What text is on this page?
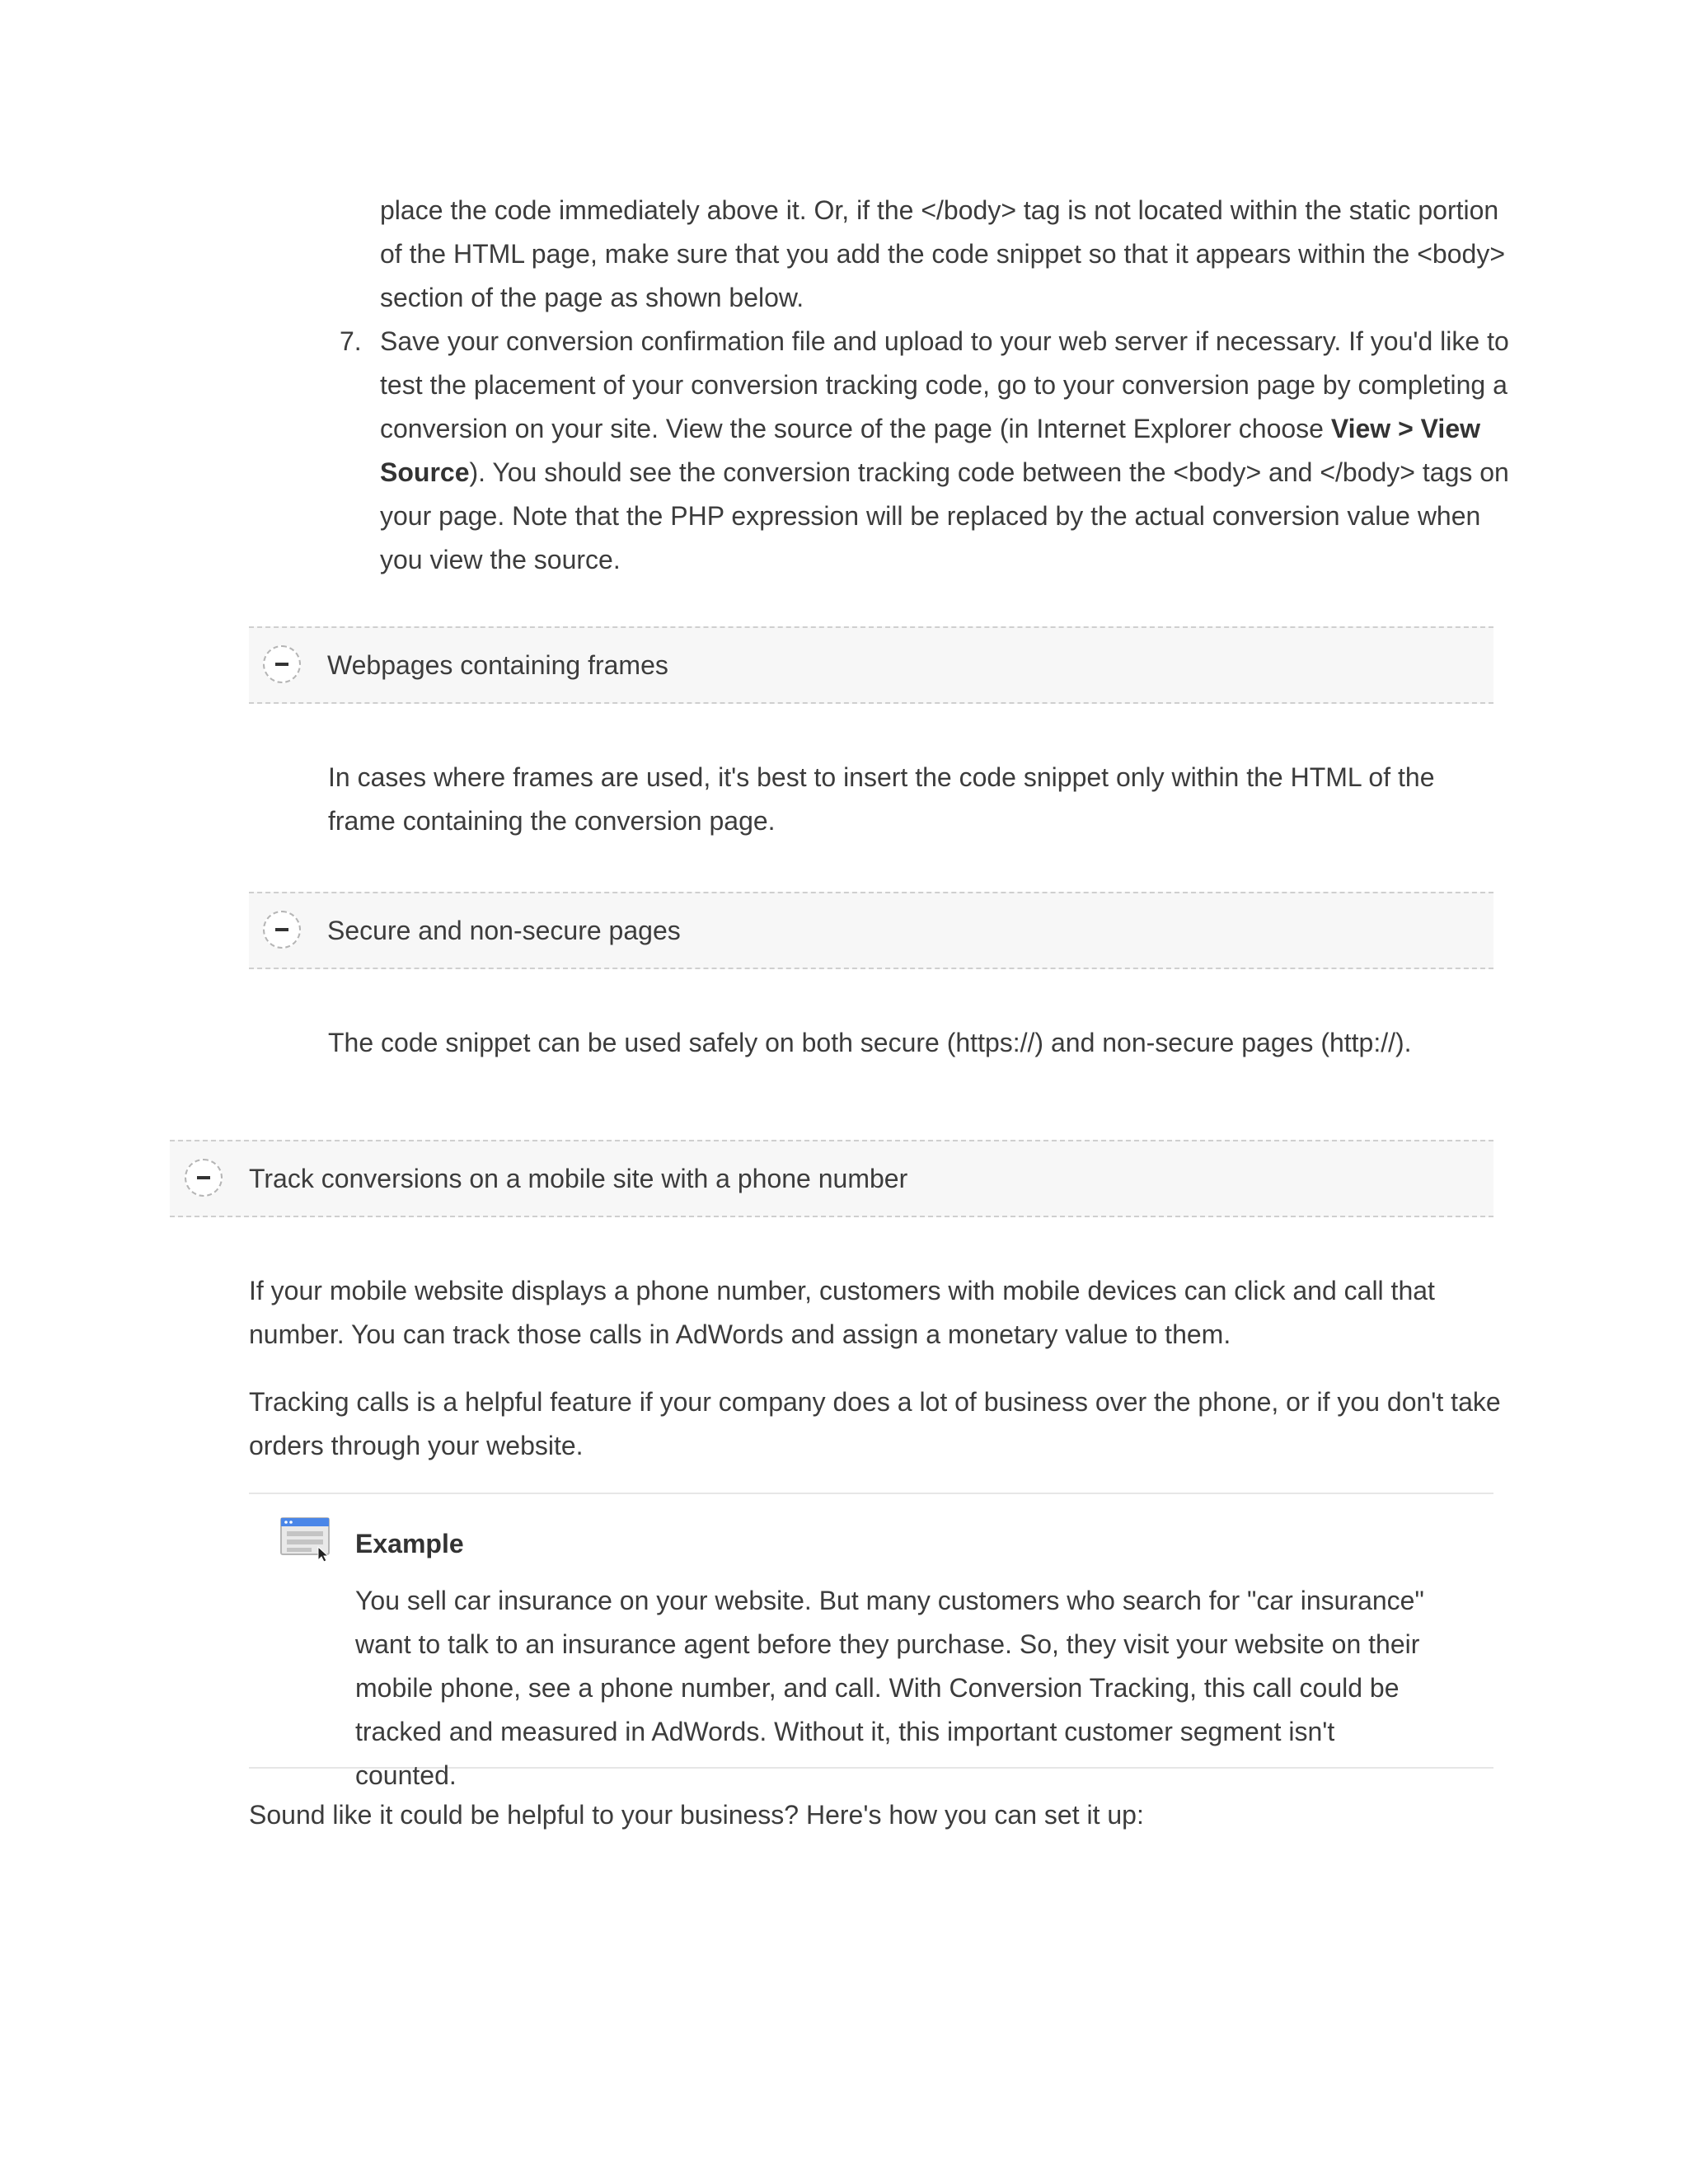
place the code immediately above it. Or, if the </body> tag is not located within the static portion of the HTML page, make sure that you add the code snippet so that it appears within the <body> section of the page as shown below.

7. Save your conversion confirmation file and upload to your web server if necessary. If you'd like to test the placement of your conversion tracking code, go to your conversion page by completing a conversion on your site. View the source of the page (in Internet Explorer choose View > View Source). You should see the conversion tracking code between the <body> and </body> tags on your page. Note that the PHP expression will be replaced by the actual conversion value when you view the source.

Webpages containing frames

In cases where frames are used, it's best to insert the code snippet only within the HTML of the frame containing the conversion page.

Secure and non-secure pages

The code snippet can be used safely on both secure (https://) and non-secure pages (http://).

Track conversions on a mobile site with a phone number

If your mobile website displays a phone number, customers with mobile devices can click and call that number. You can track those calls in AdWords and assign a monetary value to them.

Tracking calls is a helpful feature if your company does a lot of business over the phone, or if you don't take orders through your website.

Example

You sell car insurance on your website. But many customers who search for "car insurance" want to talk to an insurance agent before they purchase. So, they visit your website on their mobile phone, see a phone number, and call. With Conversion Tracking, this call could be tracked and measured in AdWords. Without it, this important customer segment isn't counted.

Sound like it could be helpful to your business? Here's how you can set it up:
